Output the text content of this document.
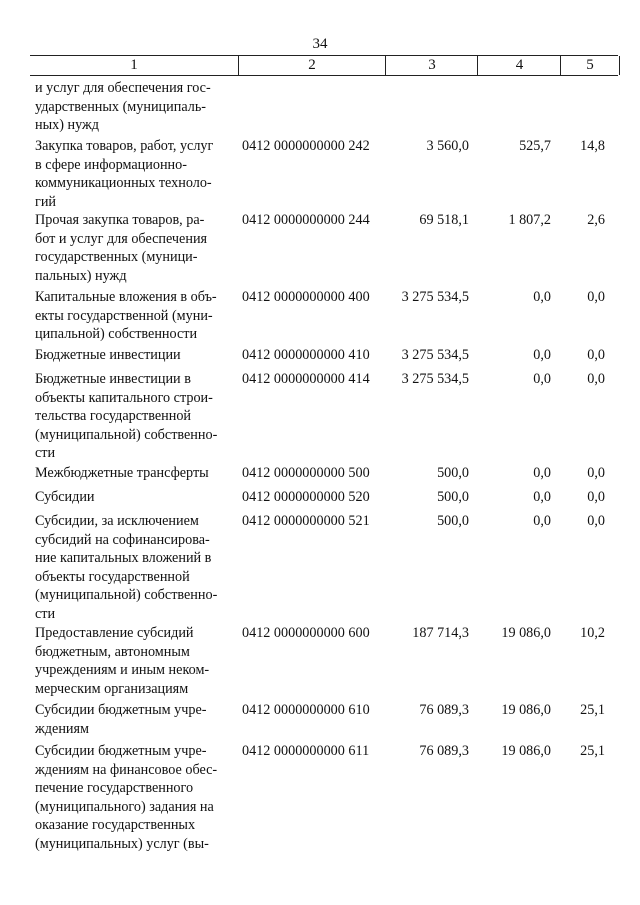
34
1	2	3	4	5
и услуг для обеспечения гос-
ударственных (муниципаль-
ных) нужд
Закупка товаров, работ, услуг
в сфере информационно-
коммуникационных техноло-
гий
0412 0000000000 242	3 560,0	525,7	14,8
Прочая закупка товаров, ра-
бот и услуг для обеспечения
государственных (муници-
пальных) нужд
0412 0000000000 244	69 518,1	1 807,2	2,6
Капитальные вложения в объ-
екты государственной (муни-
ципальной) собственности
0412 0000000000 400	3 275 534,5	0,0	0,0
Бюджетные инвестиции	0412 0000000000 410	3 275 534,5	0,0	0,0
Бюджетные инвестиции в
объекты капитального строи-
тельства государственной
(муниципальной) собственно-
сти
0412 0000000000 414	3 275 534,5	0,0	0,0
Межбюджетные трансферты	0412 0000000000 500	500,0	0,0	0,0
Субсидии	0412 0000000000 520	500,0	0,0	0,0
Субсидии, за исключением
субсидий на софинансирова-
ние капитальных вложений в
объекты государственной
(муниципальной) собственно-
сти
0412 0000000000 521	500,0	0,0	0,0
Предоставление субсидий
бюджетным, автономным
учреждениям и иным неком-
мерческим организациям
0412 0000000000 600	187 714,3	19 086,0	10,2
Субсидии бюджетным учре-
ждениям
0412 0000000000 610	76 089,3	19 086,0	25,1
Субсидии бюджетным учре-
ждениям на финансовое обес-
печение государственного
(муниципального) задания на
оказание государственных
(муниципальных) услуг (вы-
0412 0000000000 611	76 089,3	19 086,0	25,1
